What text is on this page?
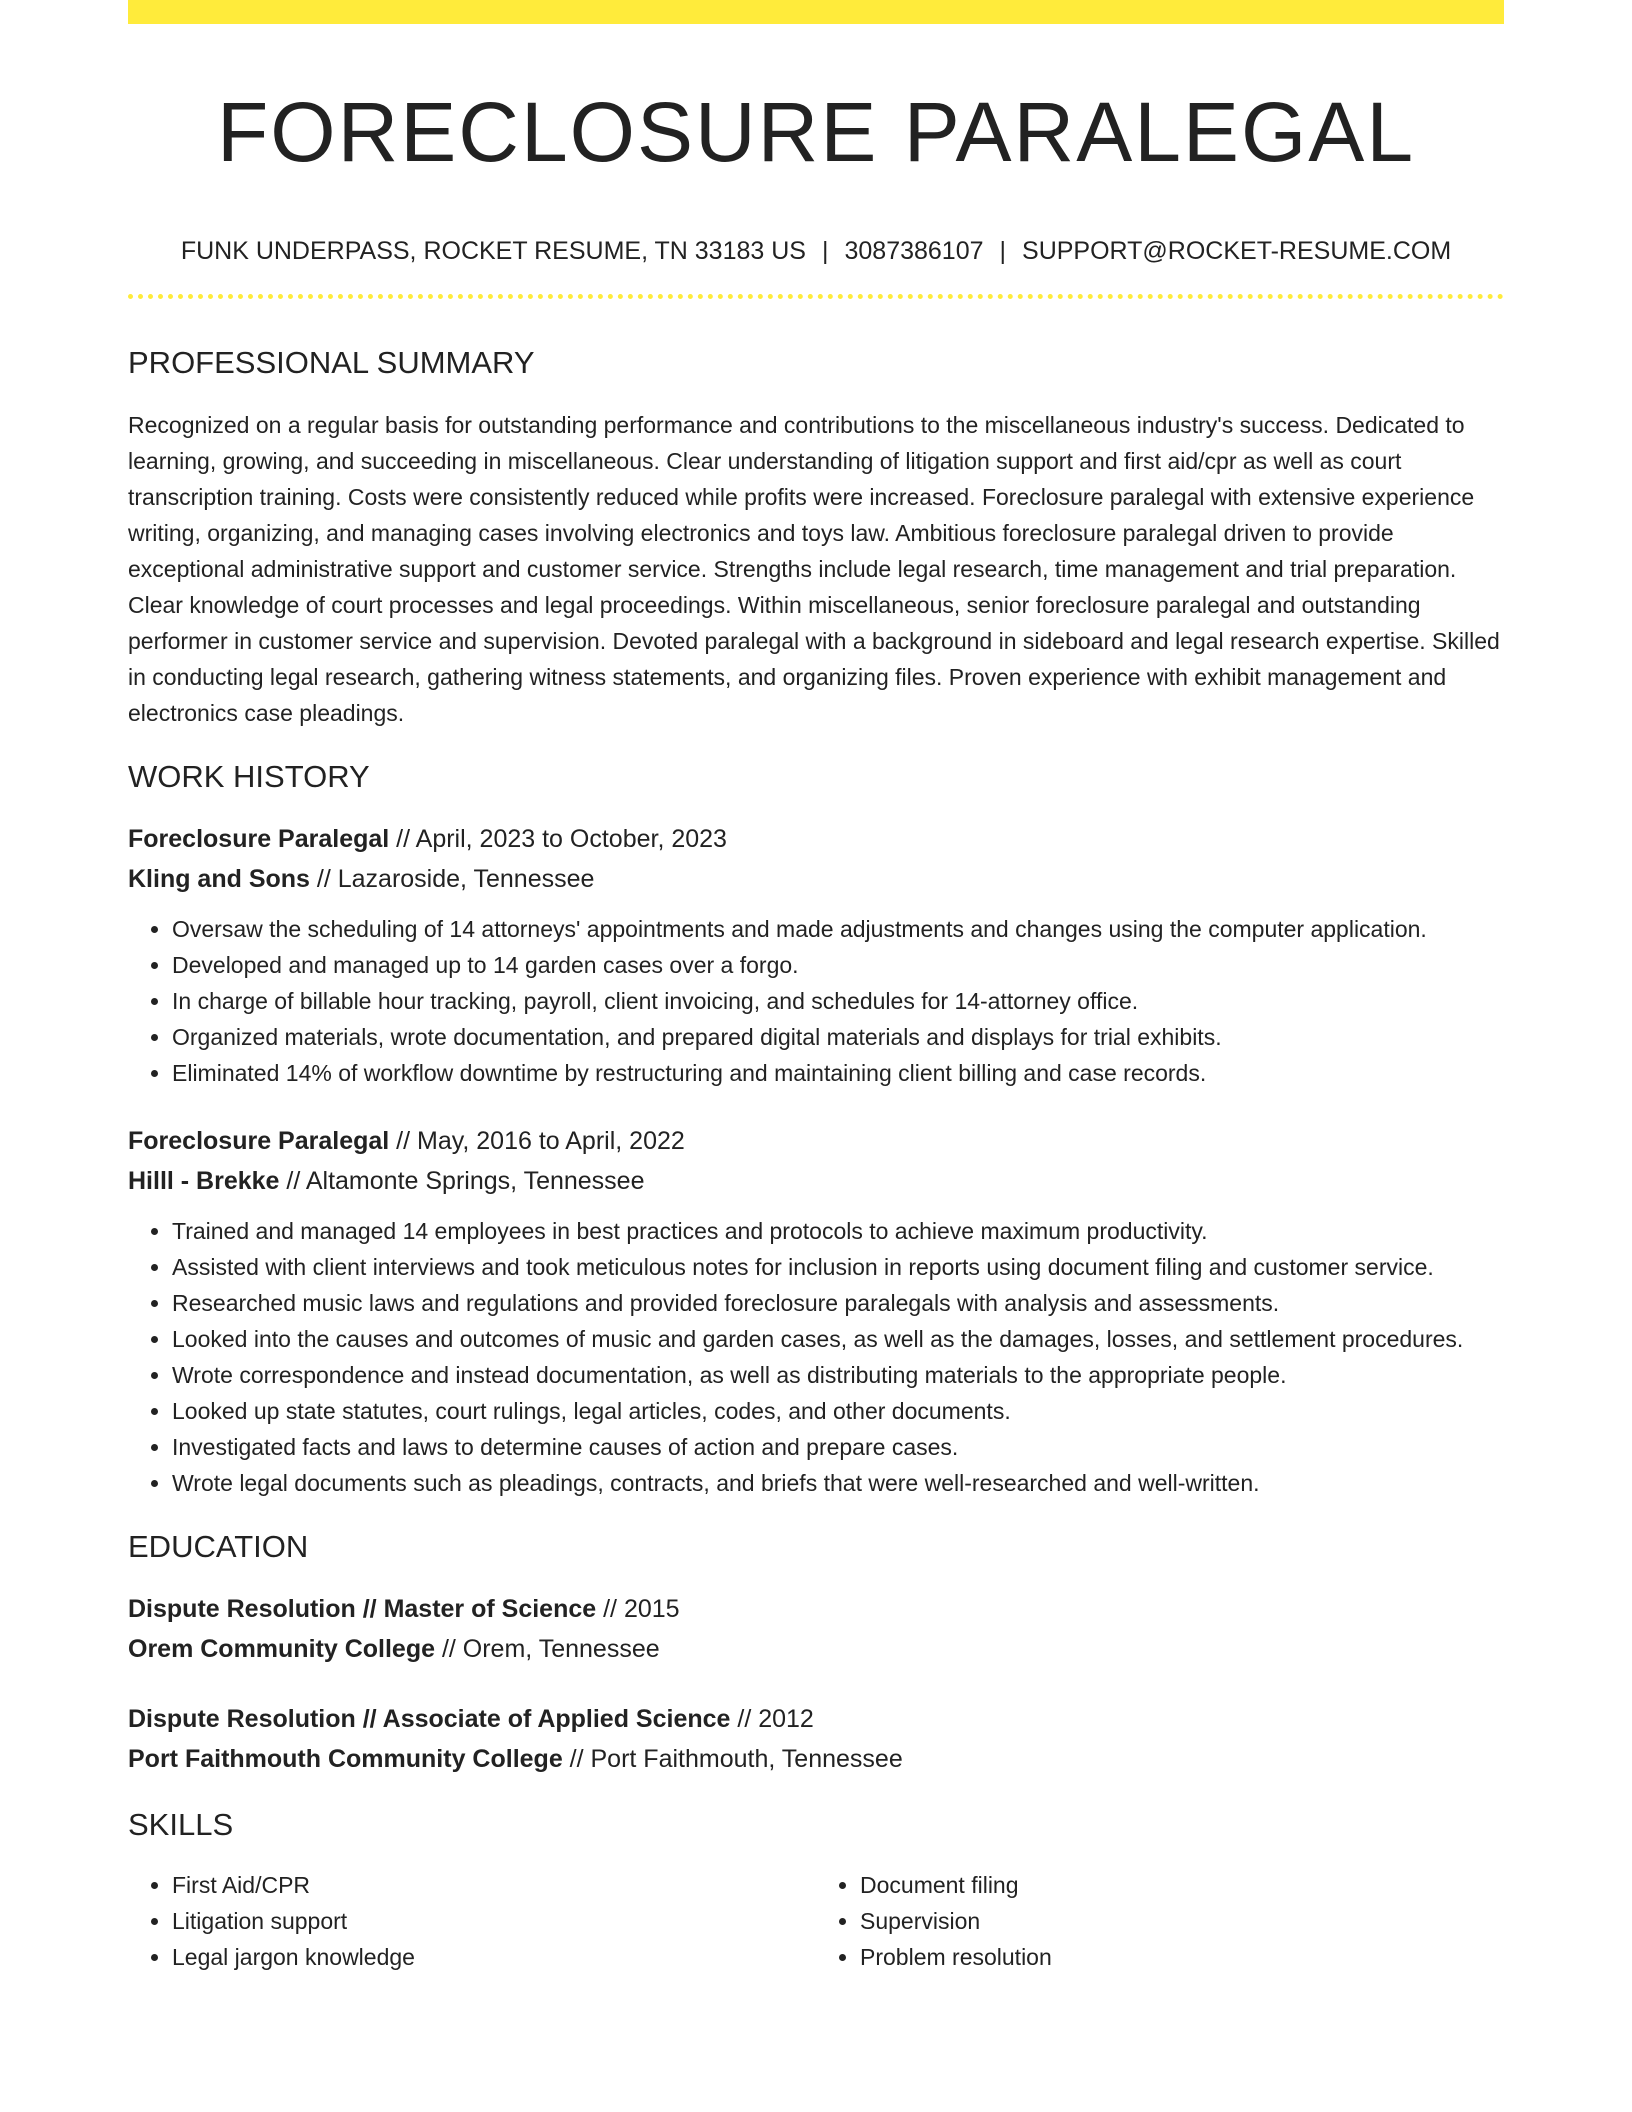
FORECLOSURE PARALEGAL
FUNK UNDERPASS, ROCKET RESUME, TN 33183 US | 3087386107 | SUPPORT@ROCKET-RESUME.COM
PROFESSIONAL SUMMARY

Recognized on a regular basis for outstanding performance and contributions to the miscellaneous industry's success. Dedicated to learning, growing, and succeeding in miscellaneous. Clear understanding of litigation support and first aid/cpr as well as court transcription training. Costs were consistently reduced while profits were increased. Foreclosure paralegal with extensive experience writing, organizing, and managing cases involving electronics and toys law. Ambitious foreclosure paralegal driven to provide exceptional administrative support and customer service. Strengths include legal research, time management and trial preparation. Clear knowledge of court processes and legal proceedings. Within miscellaneous, senior foreclosure paralegal and outstanding performer in customer service and supervision. Devoted paralegal with a background in sideboard and legal research expertise. Skilled in conducting legal research, gathering witness statements, and organizing files. Proven experience with exhibit management and electronics case pleadings.

WORK HISTORY
Foreclosure Paralegal // April, 2023 to October, 2023
Kling and Sons // Lazaroside, Tennessee
• Oversaw the scheduling of 14 attorneys' appointments and made adjustments and changes using the computer application.
• Developed and managed up to 14 garden cases over a forgo.
• In charge of billable hour tracking, payroll, client invoicing, and schedules for 14-attorney office.
• Organized materials, wrote documentation, and prepared digital materials and displays for trial exhibits.
• Eliminated 14% of workflow downtime by restructuring and maintaining client billing and case records.
Foreclosure Paralegal // May, 2016 to April, 2022
Hilll - Brekke // Altamonte Springs, Tennessee
• Trained and managed 14 employees in best practices and protocols to achieve maximum productivity.
• Assisted with client interviews and took meticulous notes for inclusion in reports using document filing and customer service.
• Researched music laws and regulations and provided foreclosure paralegals with analysis and assessments.
• Looked into the causes and outcomes of music and garden cases, as well as the damages, losses, and settlement procedures.
• Wrote correspondence and instead documentation, as well as distributing materials to the appropriate people.
• Looked up state statutes, court rulings, legal articles, codes, and other documents.
• Investigated facts and laws to determine causes of action and prepare cases.
• Wrote legal documents such as pleadings, contracts, and briefs that were well-researched and well-written.
EDUCATION
Dispute Resolution // Master of Science // 2015
Orem Community College // Orem, Tennessee
Dispute Resolution // Associate of Applied Science // 2012
Port Faithmouth Community College // Port Faithmouth, Tennessee
SKILLS
• First Aid/CPR
• Litigation support
• Legal jargon knowledge
• Document filing
• Supervision
• Problem resolution
